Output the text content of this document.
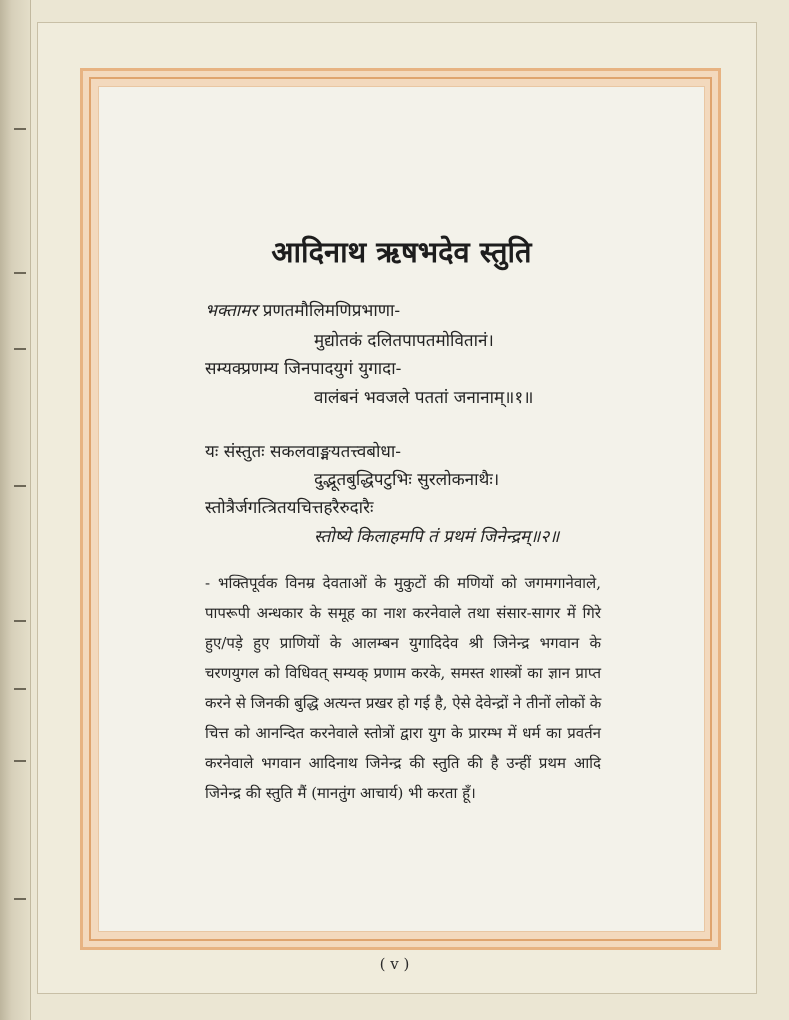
आदिनाथ ऋषभदेव स्तुति

भक्तामर प्रणतमौलिमणिप्रभाणा-

मुद्योतकं दलितपापतमोवितानं।

सम्यक्प्रणम्य जिनपादयुगं युगादा-

वालंबनं भवजले पततां जनानाम्॥१॥

यः संस्तुतः सकलवाङ्मयतत्त्वबोधा-

दुद्भूतबुद्धिपटुभिः सुरलोकनाथैः।

स्तोत्रैर्जगत्त्रितयचित्तहरैरुदारैः

स्तोष्ये किलाहमपि तं प्रथमं जिनेन्द्रम्॥२॥

- भक्तिपूर्वक विनम्र देवताओं के मुकुटों की मणियों को जगमगानेवाले,
पापरूपी अन्धकार के समूह का नाश करनेवाले तथा संसार-सागर में गिरे
हुए/पड़े हुए प्राणियों के आलम्बन युगादिदेव श्री जिनेन्द्र भगवान के
चरणयुगल को विधिवत् सम्यक् प्रणाम करके, समस्त शास्त्रों का ज्ञान प्राप्त
करने से जिनकी बुद्धि अत्यन्त प्रखर हो गई है, ऐसे देवेन्द्रों ने तीनों लोकों के
चित्त को आनन्दित करनेवाले स्तोत्रों द्वारा युग के प्रारम्भ में धर्म का प्रवर्तन
करनेवाले भगवान आदिनाथ जिनेन्द्र की स्तुति की है उन्हीं प्रथम आदि
जिनेन्द्र की स्तुति मैं (मानतुंग आचार्य) भी करता हूँ।
( v )
